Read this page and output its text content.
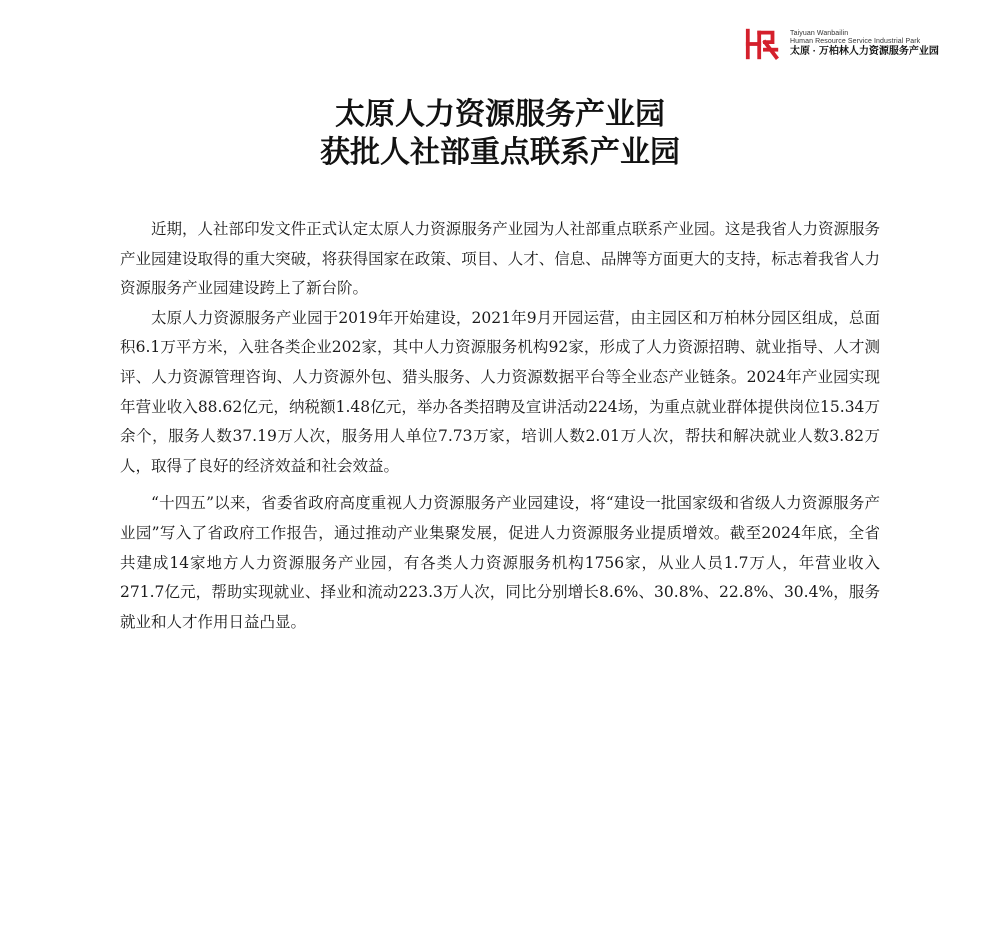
Taiyuan Wanbailin
Human Resource Service Industrial Park
太原 · 万柏林人力资源服务产业园
太原人力资源服务产业园
获批人社部重点联系产业园

近期，人社部印发文件正式认定太原人力资源服务产业园为人社部重点联系产业园。这是我省人力资源服务产业园建设取得的重大突破，将获得国家在政策、项目、人才、信息、品牌等方面更大的支持，标志着我省人力资源服务产业园建设跨上了新台阶。

太原人力资源服务产业园于2019年开始建设，2021年9月开园运营，由主园区和万柏林分园区组成，总面积6.1万平方米，入驻各类企业202家，其中人力资源服务机构92家，形成了人力资源招聘、就业指导、人才测评、人力资源管理咨询、人力资源外包、猎头服务、人力资源数据平台等全业态产业链条。2024年产业园实现年营业收入88.62亿元，纳税额1.48亿元，举办各类招聘及宣讲活动224场，为重点就业群体提供岗位15.34万余个，服务人数37.19万人次，服务用人单位7.73万家，培训人数2.01万人次，帮扶和解决就业人数3.82万人，取得了良好的经济效益和社会效益。

“十四五”以来，省委省政府高度重视人力资源服务产业园建设，将“建设一批国家级和省级人力资源服务产业园”写入了省政府工作报告，通过推动产业集聚发展，促进人力资源服务业提质增效。截至2024年底，全省共建成14家地方人力资源服务产业园，有各类人力资源服务机构1756家，从业人员1.7万人，年营业收入271.7亿元，帮助实现就业、择业和流动223.3万人次，同比分别增长8.6%、30.8%、22.8%、30.4%，服务就业和人才作用日益凸显。
